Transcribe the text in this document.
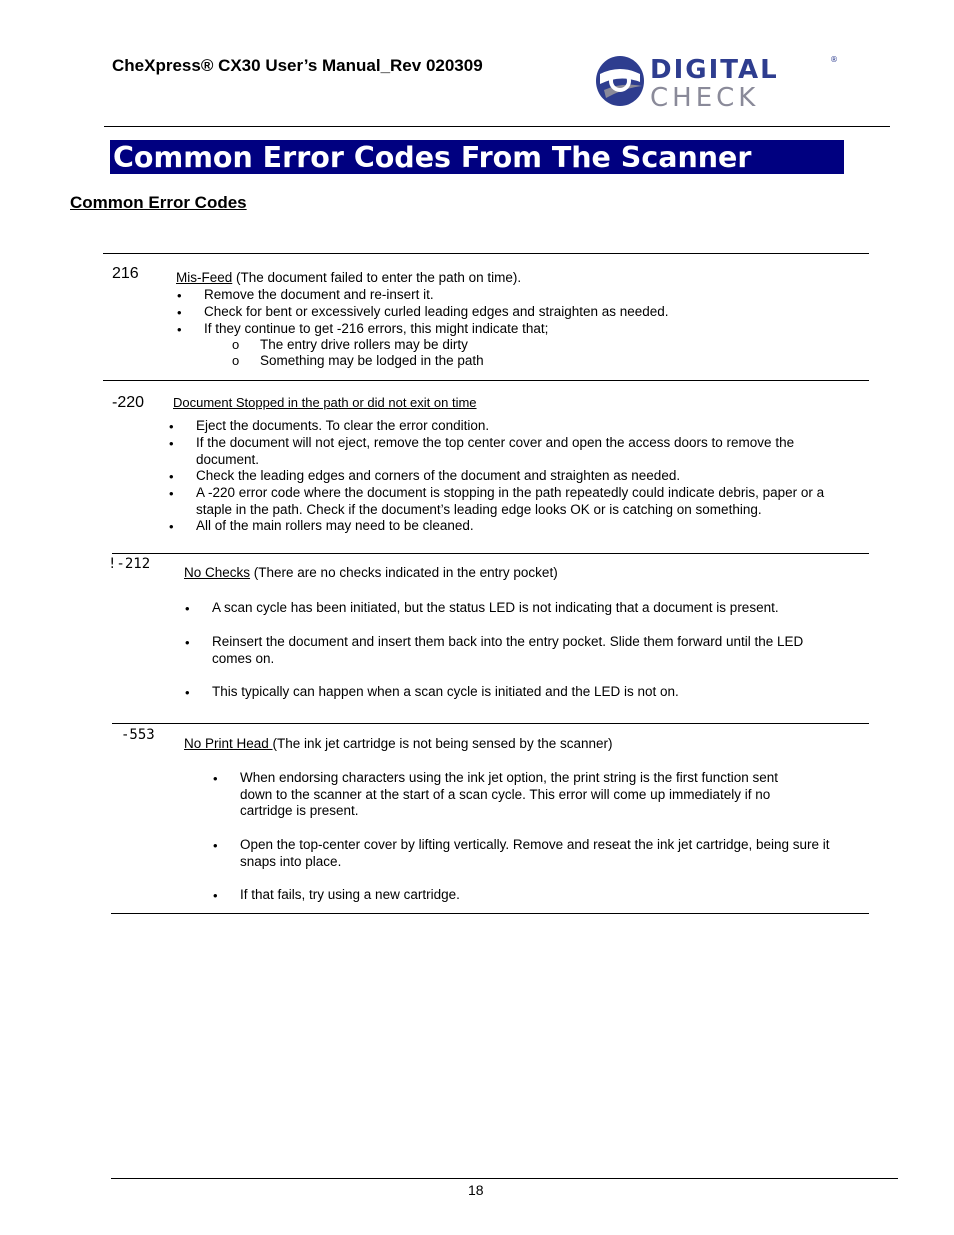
CheXpress® CX30 User’s Manual_Rev 020309	DIGITAL
CHECK
®
Common Error Codes From The Scanner
Common Error Codes
216	Mis-Feed (The document failed to enter the path on time).
• Remove the document and re-insert it.
• Check for bent or excessively curled leading edges and straighten as needed.
• If they continue to get -216 errors, this might indicate that;
o The entry drive rollers may be dirty
o Something may be lodged in the path
-220 Document Stopped in the path or did not exit on time
• Eject the documents. To clear the error condition.
• If the document will not eject, remove the top center cover and open the access doors to remove the document.
• Check the leading edges and corners of the document and straighten as needed.
• A -220 error code where the document is stopping in the path repeatedly could indicate debris, paper or a staple in the path. Check if the document’s leading edge looks OK or is catching on something.
• All of the main rollers may need to be cleaned.
!-212
No Checks (There are no checks indicated in the entry pocket)
• A scan cycle has been initiated, but the status LED is not indicating that a document is present.
• Reinsert the document and insert them back into the entry pocket. Slide them forward until the LED comes on.
• This typically can happen when a scan cycle is initiated and the LED is not on.
-553
No Print Head (The ink jet cartridge is not being sensed by the scanner)
• When endorsing characters using the ink jet option, the print string is the first function sent down to the scanner at the start of a scan cycle. This error will come up immediately if no cartridge is present.
• Open the top-center cover by lifting vertically. Remove and reseat the ink jet cartridge, being sure it snaps into place.
• If that fails, try using a new cartridge.
18
